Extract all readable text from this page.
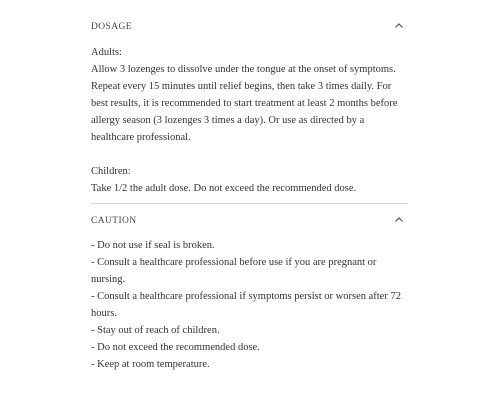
DOSAGE

Adults:

Allow 3 lozenges to dissolve under the tongue at the onset of symptoms. Repeat every 15 minutes until relief begins, then take 3 times daily. For best results, it is recommended to start treatment at least 2 months before allergy season (3 lozenges 3 times a day). Or use as directed by a healthcare professional.

Children:

Take 1/2 the adult dose. Do not exceed the recommended dose.

CAUTION
- Do not use if seal is broken.
- Consult a healthcare professional before use if you are pregnant or nursing.
- Consult a healthcare professional if symptoms persist or worsen after 72 hours.
- Stay out of reach of children.
- Do not exceed the recommended dose.
- Keep at room temperature.
